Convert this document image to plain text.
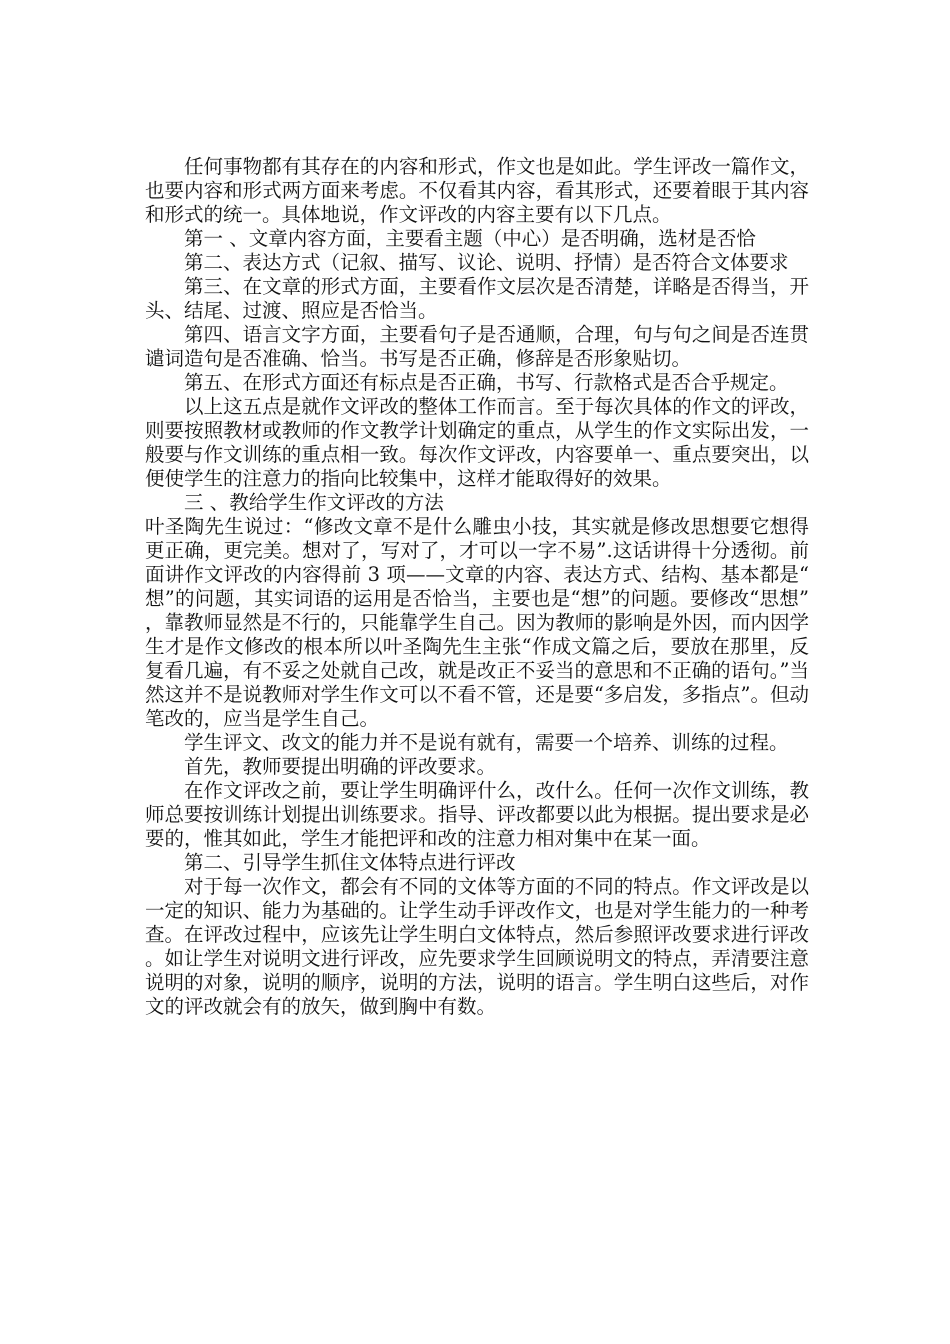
任何事物都有其存在的内容和形式，作文也是如此。学生评改一篇作文，也要内容和形式两方面来考虑。不仅看其内容，看其形式，还要着眼于其内容和形式的统一。具体地说，作文评改的内容主要有以下几点。

第一 、文章内容方面，主要看主题（中心）是否明确，选材是否恰

第二、表达方式（记叙、描写、议论、说明、抒情）是否符合文体要求

第三、在文章的形式方面，主要看作文层次是否清楚，详略是否得当，开头、结尾、过渡、照应是否恰当。

第四、语言文字方面，主要看句子是否通顺，合理，句与句之间是否连贯谴词造句是否准确、恰当。书写是否正确，修辞是否形象贴切。

第五、在形式方面还有标点是否正确，书写、行款格式是否合乎规定。

以上这五点是就作文评改的整体工作而言。至于每次具体的作文的评改，则要按照教材或教师的作文教学计划确定的重点，从学生的作文实际出发，一般要与作文训练的重点相一致。每次作文评改，内容要单一、重点要突出，以便使学生的注意力的指向比较集中，这样才能取得好的效果。

三 、教给学生作文评改的方法

叶圣陶先生说过：“修改文章不是什么雕虫小技，其实就是修改思想要它想得更正确，更完美。想对了，写对了，才可以一字不易”.这话讲得十分透彻。前面讲作文评改的内容得前 3 项——文章的内容、表达方式、结构、基本都是“想”的问题，其实词语的运用是否恰当，主要也是“想”的问题。要修改“思想”，靠教师显然是不行的，只能靠学生自己。因为教师的影响是外因，而内因学生才是作文修改的根本所以叶圣陶先生主张“作成文篇之后，要放在那里，反复看几遍，有不妥之处就自己改，就是改正不妥当的意思和不正确的语句。”当然这并不是说教师对学生作文可以不看不管，还是要“多启发，多指点”。但动笔改的，应当是学生自己。

学生评文、改文的能力并不是说有就有，需要一个培养、训练的过程。

首先，教师要提出明确的评改要求。

在作文评改之前，要让学生明确评什么，改什么。任何一次作文训练，教师总要按训练计划提出训练要求。指导、评改都要以此为根据。提出要求是必要的，惟其如此，学生才能把评和改的注意力相对集中在某一面。

第二、引导学生抓住文体特点进行评改

对于每一次作文，都会有不同的文体等方面的不同的特点。作文评改是以一定的知识、能力为基础的。让学生动手评改作文，也是对学生能力的一种考查。在评改过程中，应该先让学生明白文体特点，然后参照评改要求进行评改。如让学生对说明文进行评改，应先要求学生回顾说明文的特点，弄清要注意说明的对象，说明的顺序，说明的方法，说明的语言。学生明白这些后，对作文的评改就会有的放矢，做到胸中有数。
